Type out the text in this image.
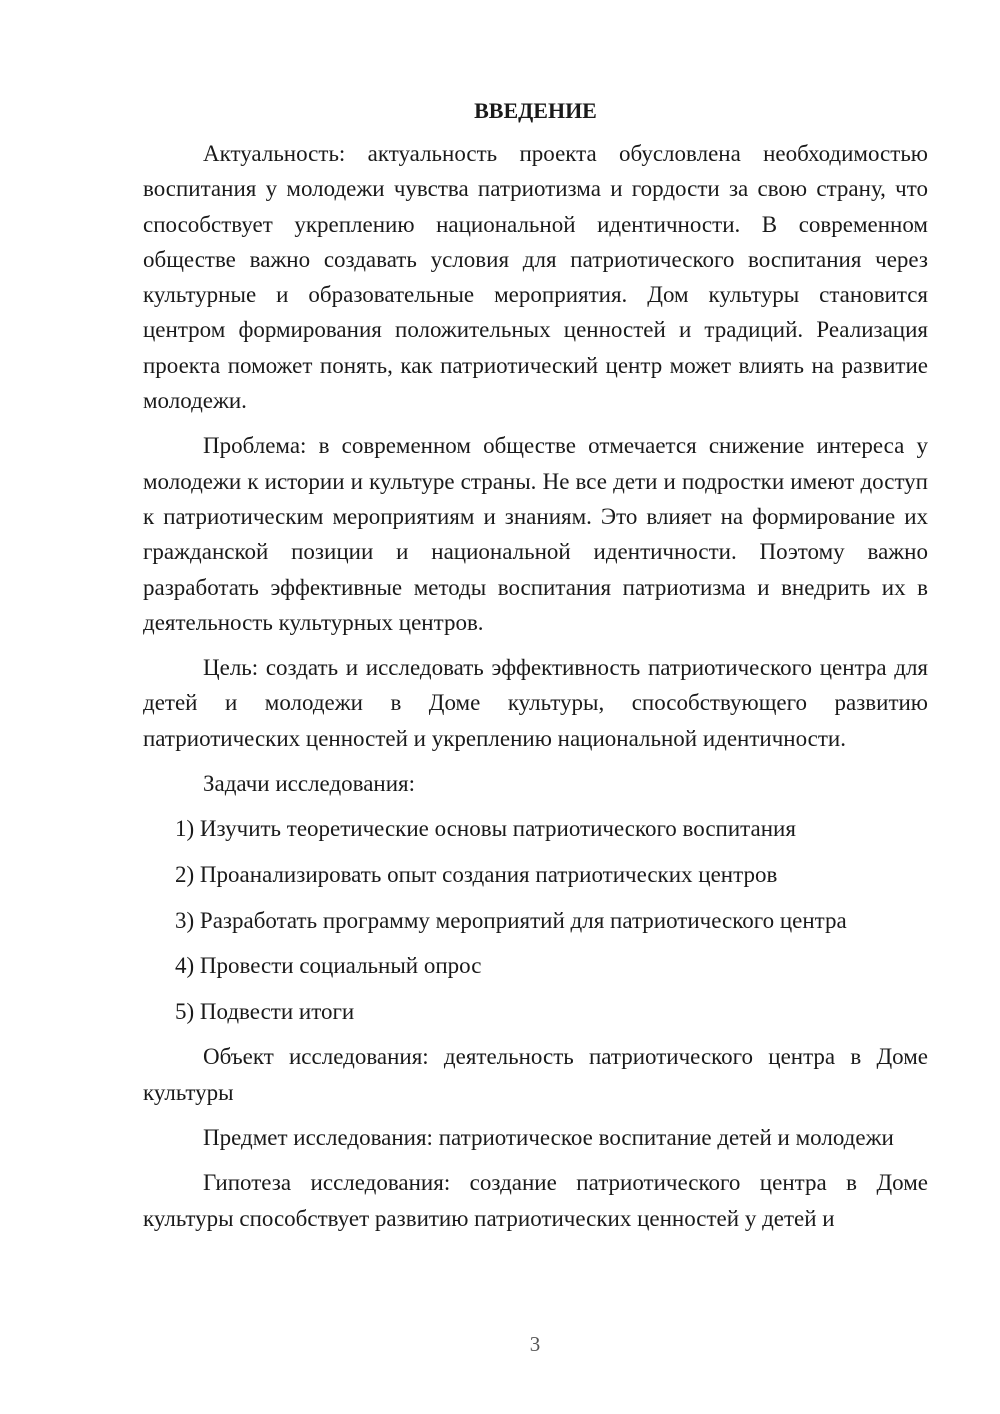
ВВЕДЕНИЕ

Актуальность: актуальность проекта обусловлена необходимостью воспитания у молодежи чувства патриотизма и гордости за свою страну, что способствует укреплению национальной идентичности. В современном обществе важно создавать условия для патриотического воспитания через культурные и образовательные мероприятия. Дом культуры становится центром формирования положительных ценностей и традиций. Реализация проекта поможет понять, как патриотический центр может влиять на развитие молодежи.

Проблема: в современном обществе отмечается снижение интереса у молодежи к истории и культуре страны. Не все дети и подростки имеют доступ к патриотическим мероприятиям и знаниям. Это влияет на формирование их гражданской позиции и национальной идентичности. Поэтому важно разработать эффективные методы воспитания патриотизма и внедрить их в деятельность культурных центров.

Цель: создать и исследовать эффективность патриотического центра для детей и молодежи в Доме культуры, способствующего развитию патриотических ценностей и укреплению национальной идентичности.

Задачи исследования:

1) Изучить теоретические основы патриотического воспитания
2) Проанализировать опыт создания патриотических центров
3) Разработать программу мероприятий для патриотического центра
4) Провести социальный опрос
5) Подвести итоги

Объект исследования: деятельность патриотического центра в Доме культуры

Предмет исследования: патриотическое воспитание детей и молодежи

Гипотеза исследования: создание патриотического центра в Доме культуры способствует развитию патриотических ценностей у детей и

3
